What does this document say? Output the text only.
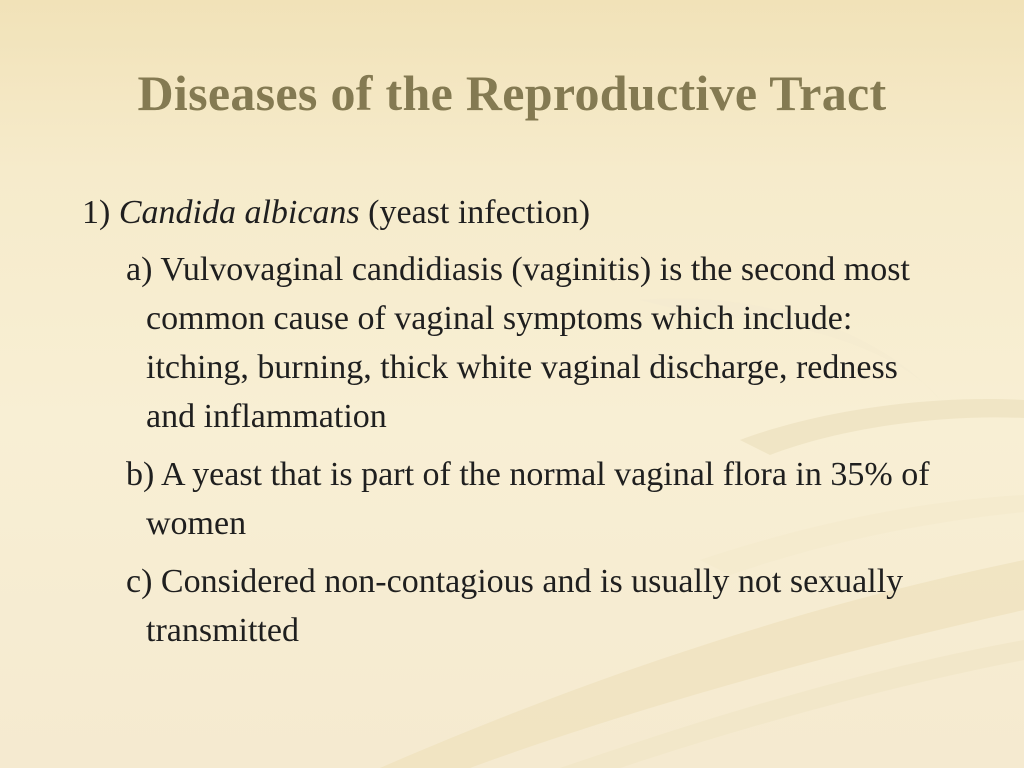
Diseases of the Reproductive Tract
1) Candida albicans (yeast infection)
a) Vulvovaginal candidiasis (vaginitis) is the second most common cause of vaginal symptoms which include: itching, burning, thick white vaginal discharge, redness and inflammation
b) A yeast that is part of the normal vaginal flora in 35% of women
c) Considered non-contagious and is usually not sexually transmitted
